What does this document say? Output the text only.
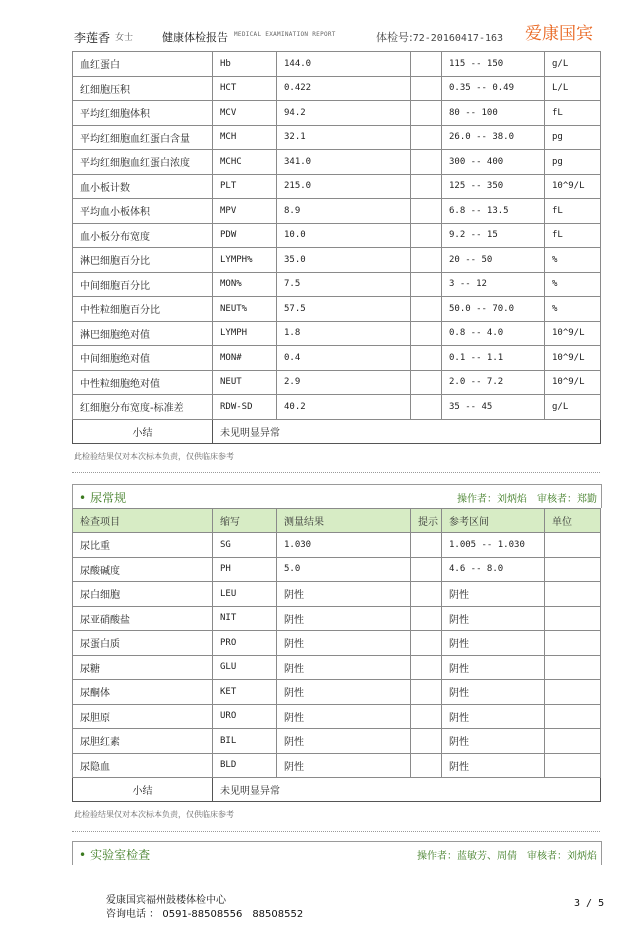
李莲香 女士	健康体检报告 MEDICAL EXAMINATION REPORT	体检号:72-20160417-163 爱康国宾
血红蛋白	Hb	144.0		115 -- 150	g/L
红细胞压积	HCT	0.422		0.35 -- 0.49	L/L
平均红细胞体积	MCV	94.2		80 -- 100	fL
平均红细胞血红蛋白含量	MCH	32.1		26.0 -- 38.0	pg
平均红细胞血红蛋白浓度	MCHC	341.0		300 -- 400	pg
血小板计数	PLT	215.0		125 -- 350	10^9/L
平均血小板体积	MPV	8.9		6.8 -- 13.5	fL
血小板分布宽度	PDW	10.0		9.2 -- 15	fL
淋巴细胞百分比	LYMPH%	35.0		20 -- 50	%
中间细胞百分比	MON%	7.5		3 -- 12	%
中性粒细胞百分比	NEUT%	57.5		50.0 -- 70.0	%
淋巴细胞绝对值	LYMPH	1.8		0.8 -- 4.0	10^9/L
中间细胞绝对值	MON#	0.4		0.1 -- 1.1	10^9/L
中性粒细胞绝对值	NEUT	2.9		2.0 -- 7.2	10^9/L
红细胞分布宽度-标准差	RDW-SD	40.2		35 -- 45	g/L
小结	未见明显异常				
此检验结果仅对本次标本负责，仅供临床参考
• 尿常规	操作者：刘炳焰　审核者：郑勤
检查项目	缩写	测量结果	提示	参考区间	单位
尿比重	SG	1.030		1.005 -- 1.030	
尿酸碱度	PH	5.0		4.6 -- 8.0	
尿白细胞	LEU	阴性		阴性	
尿亚硝酸盐	NIT	阴性		阴性	
尿蛋白质	PRO	阴性		阴性	
尿糖	GLU	阴性		阴性	
尿酮体	KET	阴性		阴性	
尿胆原	URO	阴性		阴性	
尿胆红素	BIL	阴性		阴性	
尿隐血	BLD	阴性		阴性	
小结	未见明显异常				
此检验结果仅对本次标本负责，仅供临床参考
• 实验室检查	操作者：蓝敏芳、周倩　审核者：刘炳焰
爱康国宾福州鼓楼体检中心
咨询电话 ： 0591-88508556　88508552
3 / 5
